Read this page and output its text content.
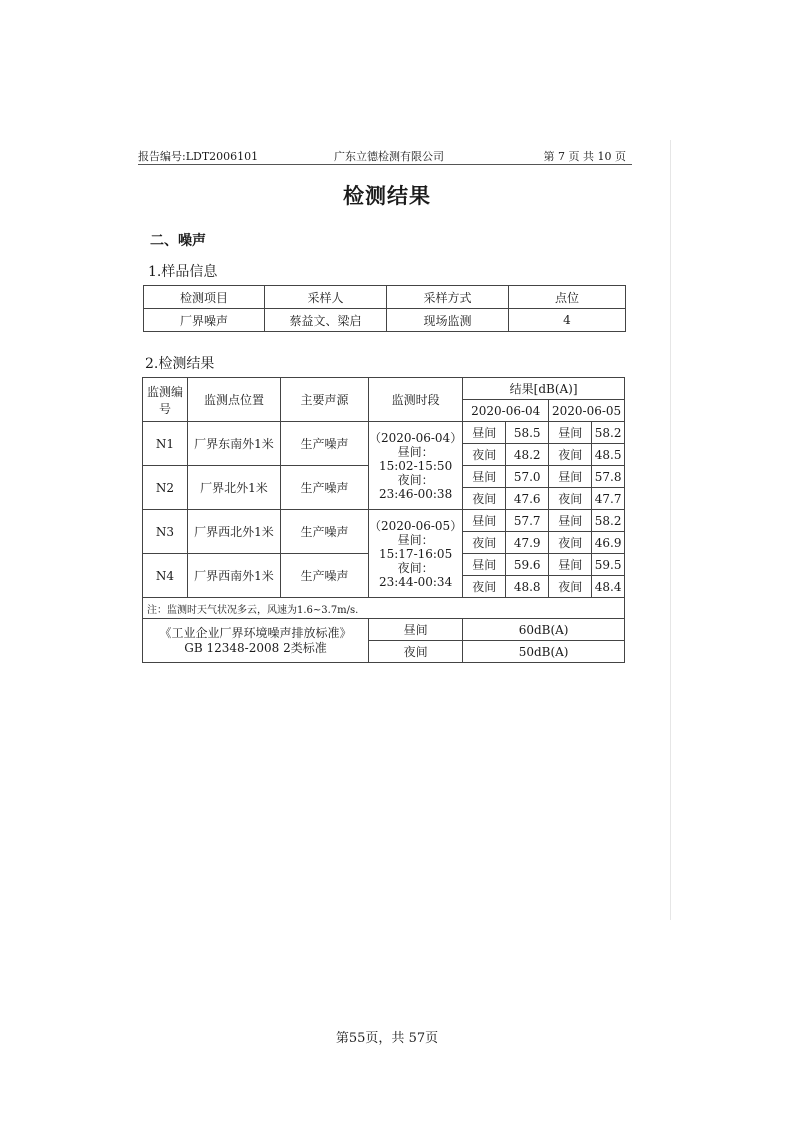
报告编号:LDT2006101	广东立德检测有限公司	第 7 页 共 10 页
检测结果
二、噪声
1.样品信息
检测项目	采样人	采样方式	点位
厂界噪声	蔡益文、梁启	现场监测	4
2.检测结果
监测编号	监测点位置	主要声源	监测时段	结果[dB(A)]			
				2020-06-04		2020-06-05	
N1	厂界东南外1米	生产噪声	（2020-06-04）
昼间：
15:02-15:50
夜间：
23:46-00:38	昼间	58.5	昼间	58.2
				夜间	48.2	夜间	48.5
N2	厂界北外1米	生产噪声		昼间	57.0	昼间	57.8
				夜间	47.6	夜间	47.7
N3	厂界西北外1米	生产噪声	（2020-06-05）
昼间：
15:17-16:05
夜间：
23:44-00:34	昼间	57.7	昼间	58.2
				夜间	47.9	夜间	46.9
N4	厂界西南外1米	生产噪声		昼间	59.6	昼间	59.5
				夜间	48.8	夜间	48.4
注：监测时天气状况多云，风速为1.6~3.7m/s.							
《工业企业厂界环境噪声排放标准》
GB 12348-2008 2类标准			昼间	60dB(A)			
			夜间	50dB(A)			
第55页，共 57页
